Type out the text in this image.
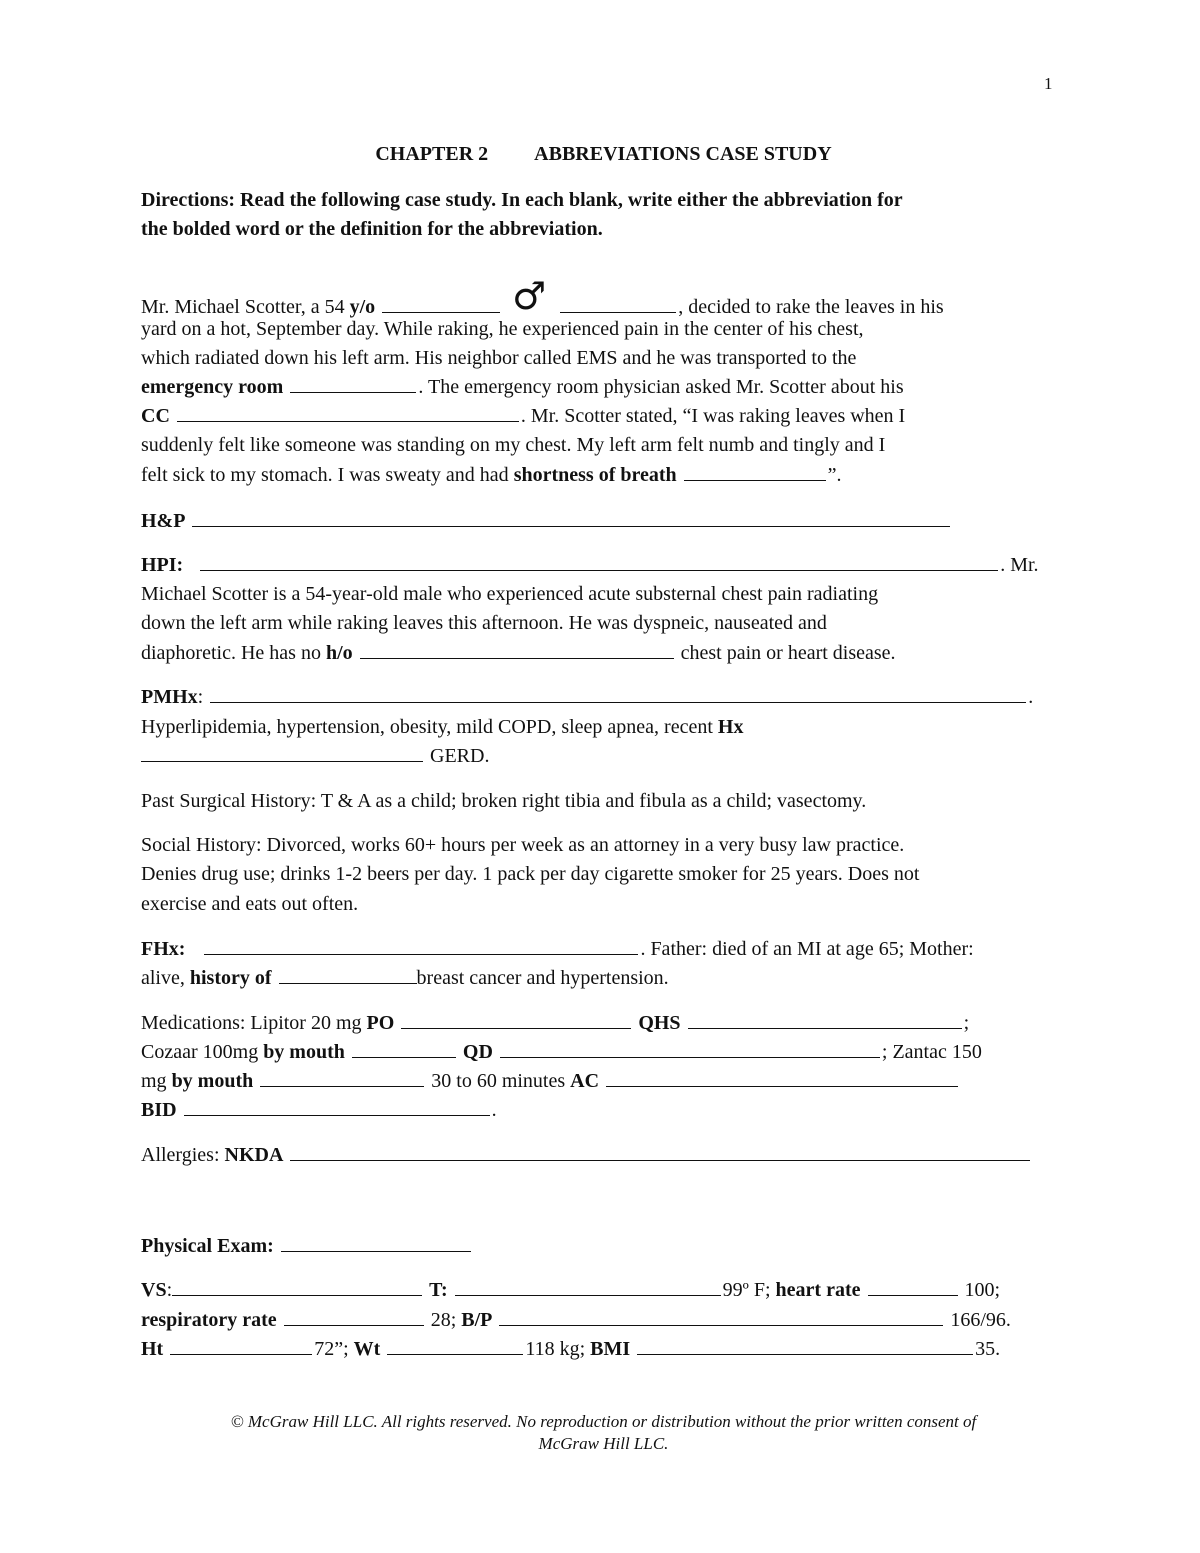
1
CHAPTER 2 ABBREVIATIONS CASE STUDY
Directions: Read the following case study. In each blank, write either the abbreviation for
the bolded word or the definition for the abbreviation.
Mr. Michael Scotter, a 54 y/o	♂	, decided to rake the leaves in his
yard on a hot, September day. While raking, he experienced pain in the center of his chest,
which radiated down his left arm. His neighbor called EMS and he was transported to the
emergency room	. The emergency room physician asked Mr. Scotter about his
CC	. Mr. Scotter stated, “I was raking leaves when I
suddenly felt like someone was standing on my chest. My left arm felt numb and tingly and I
felt sick to my stomach. I was sweaty and had shortness of breath	”.
H&P
HPI:	. Mr.
Michael Scotter is a 54-year-old male who experienced acute substernal chest pain radiating
down the left arm while raking leaves this afternoon. He was dyspneic, nauseated and
diaphoretic. He has no h/o	chest pain or heart disease.
PMHx:	.
Hyperlipidemia, hypertension, obesity, mild COPD, sleep apnea, recent Hx
GERD.
Past Surgical History: T & A as a child; broken right tibia and fibula as a child; vasectomy.
Social History: Divorced, works 60+ hours per week as an attorney in a very busy law practice.
Denies drug use; drinks 1-2 beers per day. 1 pack per day cigarette smoker for 25 years. Does not
exercise and eats out often.
FHx:	. Father: died of an MI at age 65; Mother:
alive, history of	breast cancer and hypertension.
Medications: Lipitor 20 mg PO	QHS	;
Cozaar 100mg by mouth	QD	; Zantac 150
mg by mouth	30 to 60 minutes AC
BID	.
Allergies: NKDA
Physical Exam:
VS:	T:	99º F; heart rate	100;
respiratory rate	28; B/P	166/96.
Ht	72”; Wt	118 kg; BMI	35.
© McGraw Hill LLC. All rights reserved. No reproduction or distribution without the prior written consent of
McGraw Hill LLC.
